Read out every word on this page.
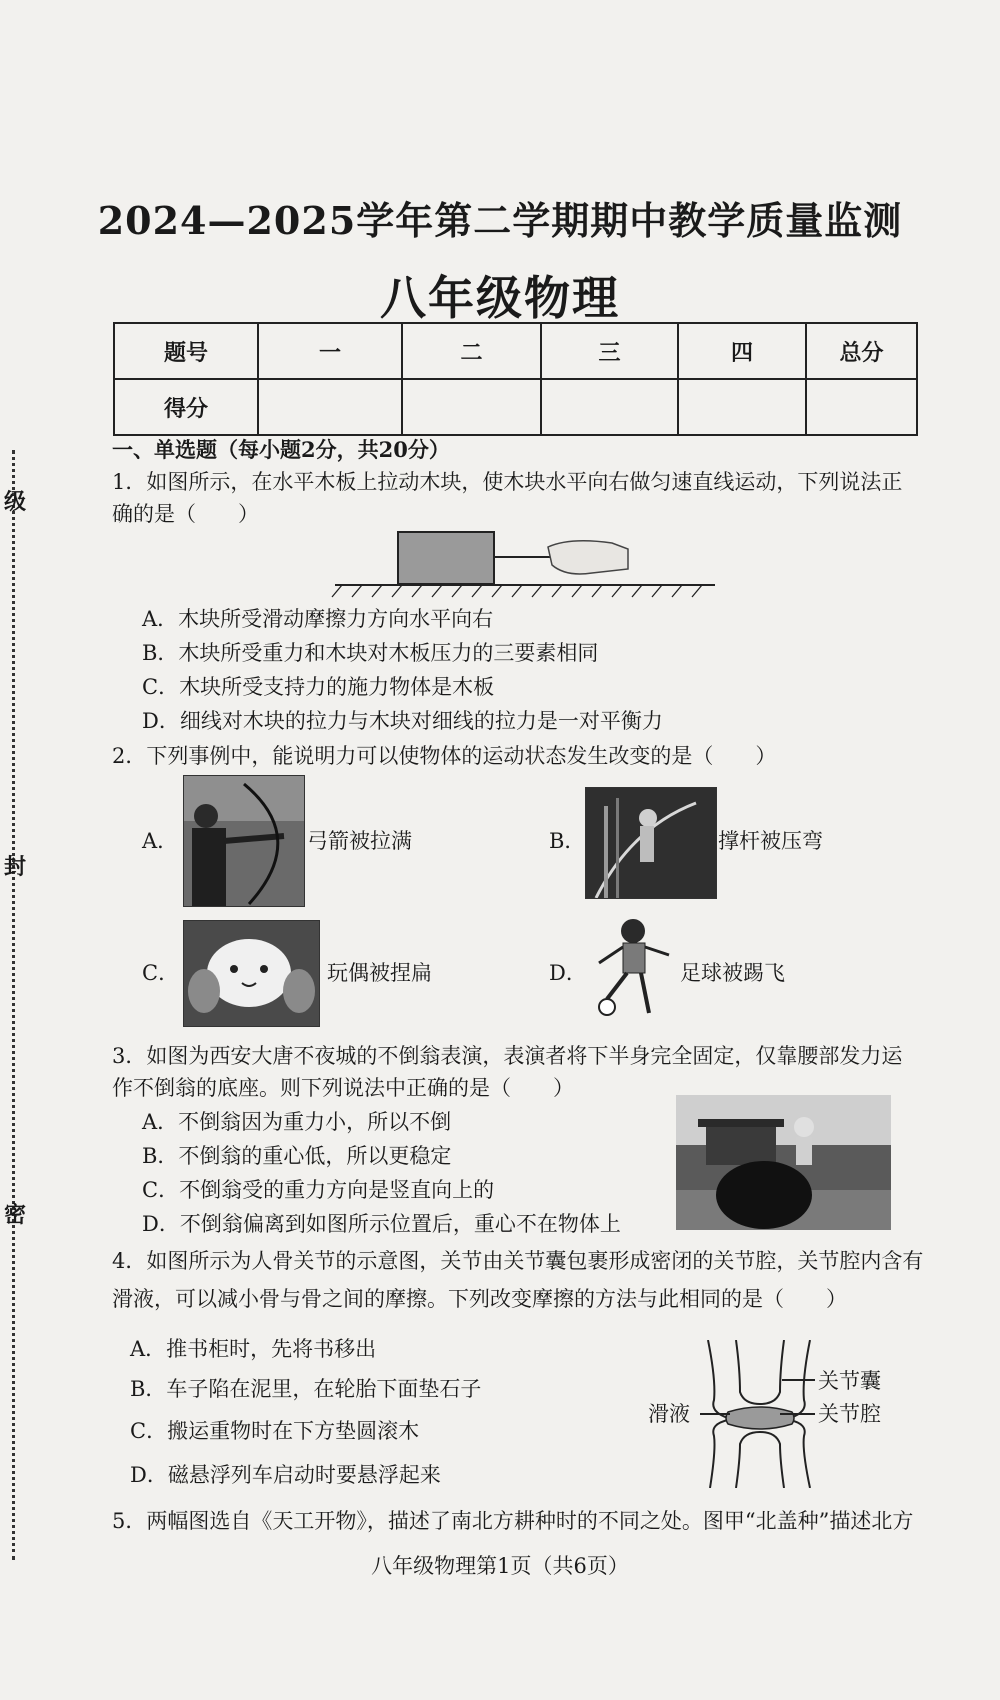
级
封
密
2024—2025学年第二学期期中教学质量监测
八年级物理
题号	一	二	三	四	总分
得分					
一、单选题（每小题2分，共20分）
1．如图所示，在水平木板上拉动木块，使木块水平向右做匀速直线运动，下列说法正
确的是（　　）
A．木块所受滑动摩擦力方向水平向右
B．木块所受重力和木块对木板压力的三要素相同
C．木块所受支持力的施力物体是木板
D．细线对木块的拉力与木块对细线的拉力是一对平衡力
2．下列事例中，能说明力可以使物体的运动状态发生改变的是（　　）
A．	弓箭被拉满	B．	撑杆被压弯
C．	玩偶被捏扁	D．	足球被踢飞
3．如图为西安大唐不夜城的不倒翁表演，表演者将下半身完全固定，仅靠腰部发力运
作不倒翁的底座。则下列说法中正确的是（　　）
A．不倒翁因为重力小，所以不倒
B．不倒翁的重心低，所以更稳定
C．不倒翁受的重力方向是竖直向上的
D．不倒翁偏离到如图所示位置后，重心不在物体上
4．如图所示为人骨关节的示意图，关节由关节囊包裹形成密闭的关节腔，关节腔内含有
滑液，可以减小骨与骨之间的摩擦。下列改变摩擦的方法与此相同的是（　　）
A．推书柜时，先将书移出
B．车子陷在泥里，在轮胎下面垫石子
C．搬运重物时在下方垫圆滚木
D．磁悬浮列车启动时要悬浮起来
关节囊
关节腔
滑液
5．两幅图选自《天工开物》，描述了南北方耕种时的不同之处。图甲“北盖种”描述北方
八年级物理第1页（共6页）
